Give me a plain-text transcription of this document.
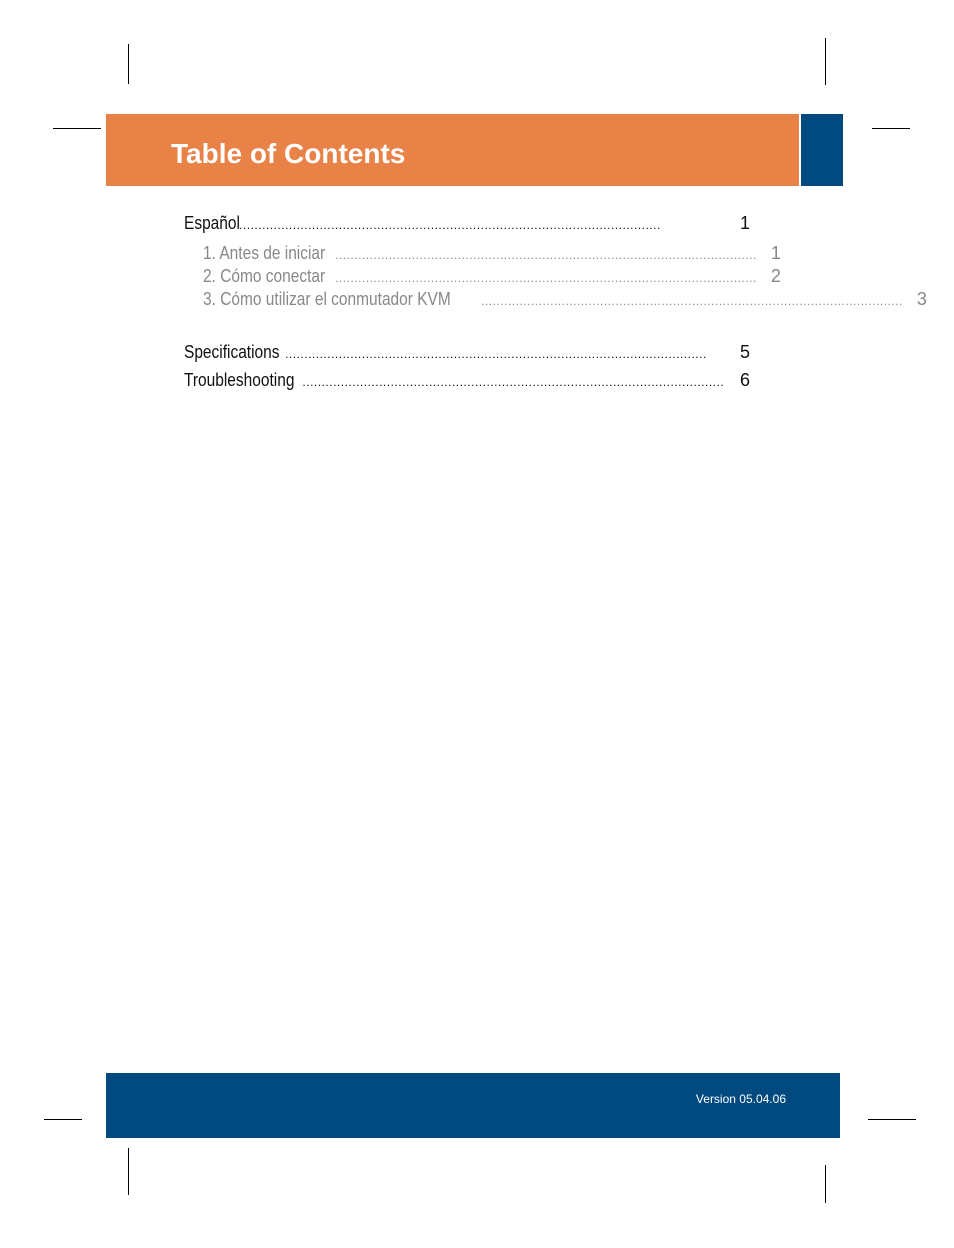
Table of Contents
Español ..............................................................................................................	1
1. Antes de iniciar .............................................................................................................. 1
2. Cómo conectar .............................................................................................................. 2
3. Cómo utilizar el conmutador KVM	.............................................................................................................. 3
Specifications ..............................................................................................................	5
Troubleshooting .............................................................................................................. 6
Version 05.04.06
